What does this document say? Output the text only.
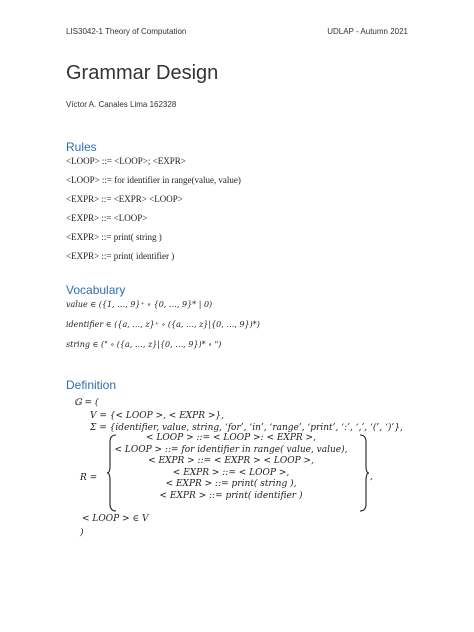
LIS3042-1 Theory of Computation	UDLAP - Autumn 2021
Grammar Design
Víctor A. Canales Lima 162328
Rules
<LOOP> ::= <LOOP>; <EXPR>
<LOOP> ::= for identifier in range(value, value)
<EXPR> ::= <EXPR> <LOOP>
<EXPR> ::= <LOOP>
<EXPR> ::= print( string )
<EXPR> ::= print( identifier )
Vocabulary
value ∈ ({1, …, 9}⁺ ∘ {0, …, 9}* | 0)
identifier ∈ ({a, …, z}⁺ ∘ ({a, …, z}|{0, …, 9})*)
string ∈ (" ∘ ({a, …, z}|{0, …, 9})* ∘ ")
Definition
𝔾 = (
V = {< LOOP >, < EXPR >},
Σ = {identifier, value, string, ‘for’, ‘in’, ‘range’, ‘print’, ‘:’, ‘,’, ‘(’, ‘)’},
R =
< LOOP > ::= < LOOP >: < EXPR >,
< LOOP > ::= for identifier in range( value, value),
< EXPR > ::= < EXPR > < LOOP >,
< EXPR > ::= < LOOP >,
< EXPR > ::= print( string ),
< EXPR > ::= print( identifier )
,
< LOOP > ∈ V
)
